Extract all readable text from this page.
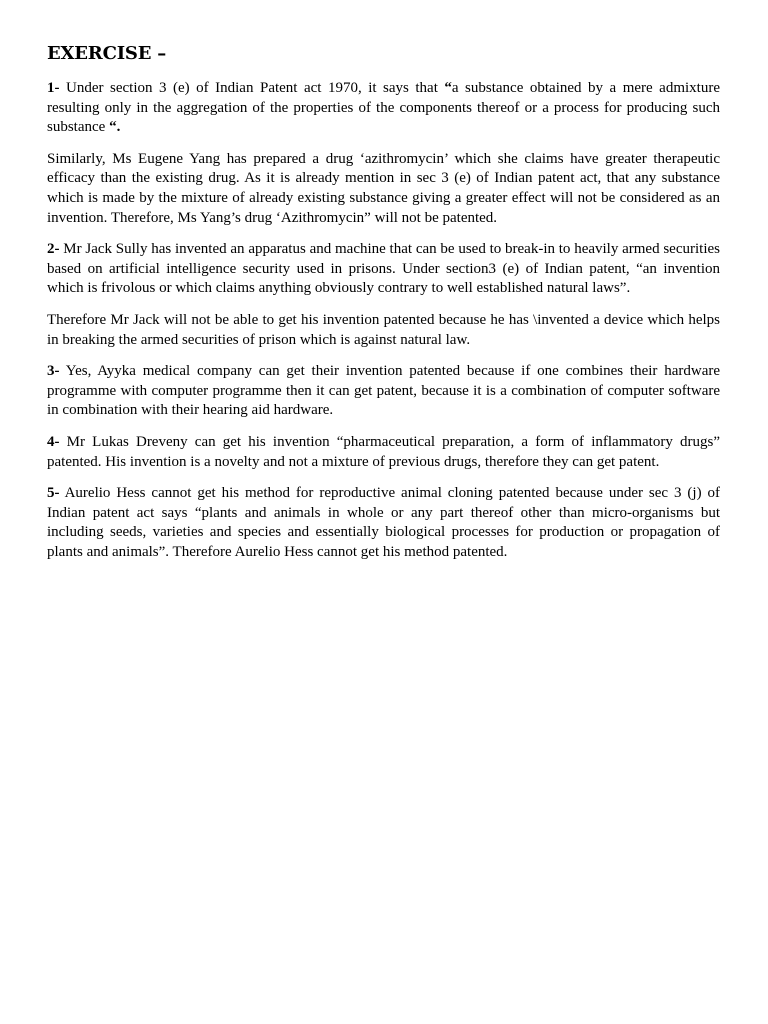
EXERCISE –

1- Under section 3 (e) of Indian Patent act 1970, it says that “a substance obtained by a mere admixture resulting only in the aggregation of the properties of the components thereof or a process for producing such substance “.

Similarly, Ms Eugene Yang has prepared a drug ‘azithromycin’ which she claims have greater therapeutic efficacy than the existing drug. As it is already mention in sec 3 (e) of Indian patent act, that any substance which is made by the mixture of already existing substance giving a greater effect will not be considered as an invention. Therefore, Ms Yang’s drug ‘Azithromycin” will not be patented.

2- Mr Jack Sully has invented an apparatus and machine that can be used to break-in to heavily armed securities based on artificial intelligence security used in prisons. Under section3 (e) of Indian patent, “an invention which is frivolous or which claims anything obviously contrary to well established natural laws”.

Therefore Mr Jack will not be able to get his invention patented because he has \invented a device which helps in breaking the armed securities of prison which is against natural law.

3- Yes, Ayyka medical company can get their invention patented because if one combines their hardware programme with computer programme then it can get patent, because it is a combination of computer software in combination with their hearing aid hardware.

4- Mr Lukas Dreveny can get his invention “pharmaceutical preparation, a form of inflammatory drugs” patented. His invention is a novelty and not a mixture of previous drugs, therefore they can get patent.

5- Aurelio Hess cannot get his method for reproductive animal cloning patented because under sec 3 (j) of Indian patent act says “plants and animals in whole or any part thereof other than micro-organisms but including seeds, varieties and species and essentially biological processes for production or propagation of plants and animals”. Therefore Aurelio Hess cannot get his method patented.
